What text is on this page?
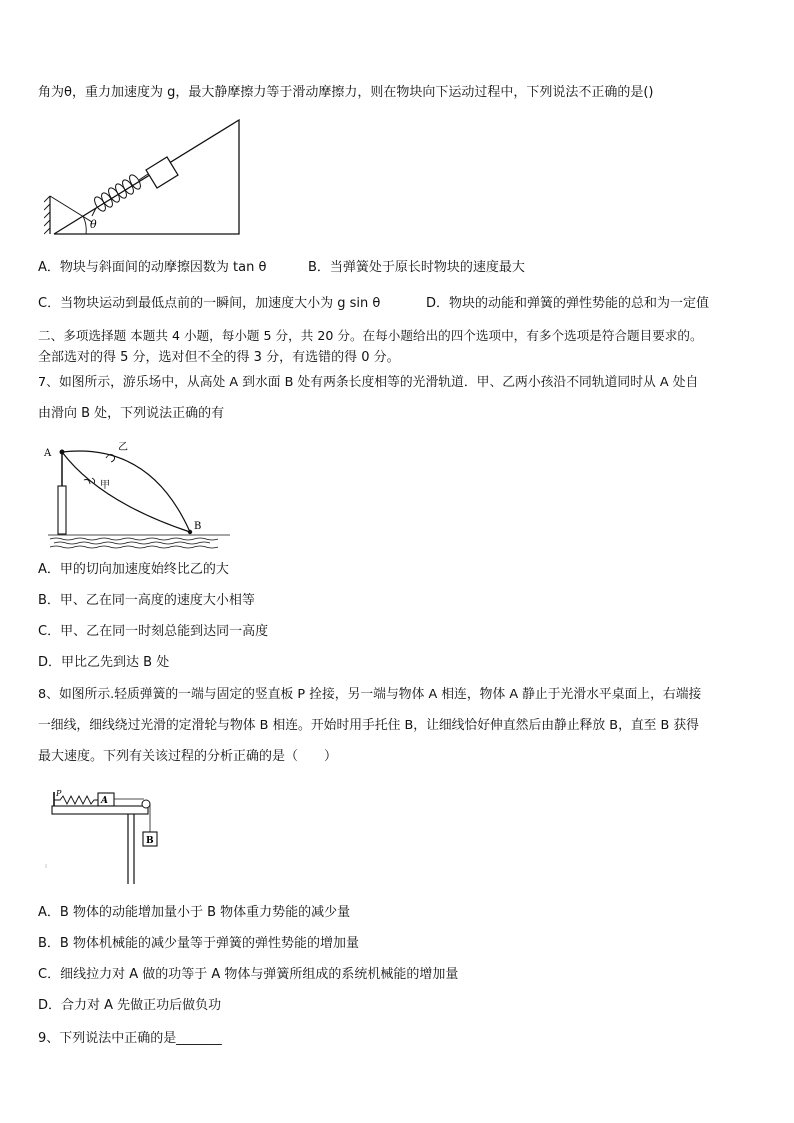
角为θ，重力加速度为 g，最大静摩擦力等于滑动摩擦力，则在物块向下运动过程中，下列说法不正确的是()
θ
A．物块与斜面间的动摩擦因数为 tan θ	B．当弹簧处于原长时物块的速度最大
C．当物块运动到最低点前的一瞬间，加速度大小为 g sin θ	D．物块的动能和弹簧的弹性势能的总和为一定值
二、多项选择题 本题共 4 小题，每小题 5 分，共 20 分。在每小题给出的四个选项中，有多个选项是符合题目要求的。
全部选对的得 5 分，选对但不全的得 3 分，有选错的得 0 分。
7、如图所示，游乐场中，从高处 A 到水面 B 处有两条长度相等的光滑轨道．甲、乙两小孩沿不同轨道同时从 A 处自
由滑向 B 处，下列说法正确的有
A
B
乙
甲
A．甲的切向加速度始终比乙的大
B．甲、乙在同一高度的速度大小相等
C．甲、乙在同一时刻总能到达同一高度
D．甲比乙先到达 B 处
8、如图所示.轻质弹簧的一端与固定的竖直板 P 拴接，另一端与物体 A 相连，物体 A 静止于光滑水平桌面上，右端接
一细线，细线绕过光滑的定滑轮与物体 B 相连。开始时用手托住 B，让细线恰好伸直然后由静止释放 B，直至 B 获得
最大速度。下列有关该过程的分析正确的是（　　）
P
A
B
A．B 物体的动能增加量小于 B 物体重力势能的减少量
B．B 物体机械能的减少量等于弹簧的弹性势能的增加量
C．细线拉力对 A 做的功等于 A 物体与弹簧所组成的系统机械能的增加量
D．合力对 A 先做正功后做负功
9、下列说法中正确的是_______
